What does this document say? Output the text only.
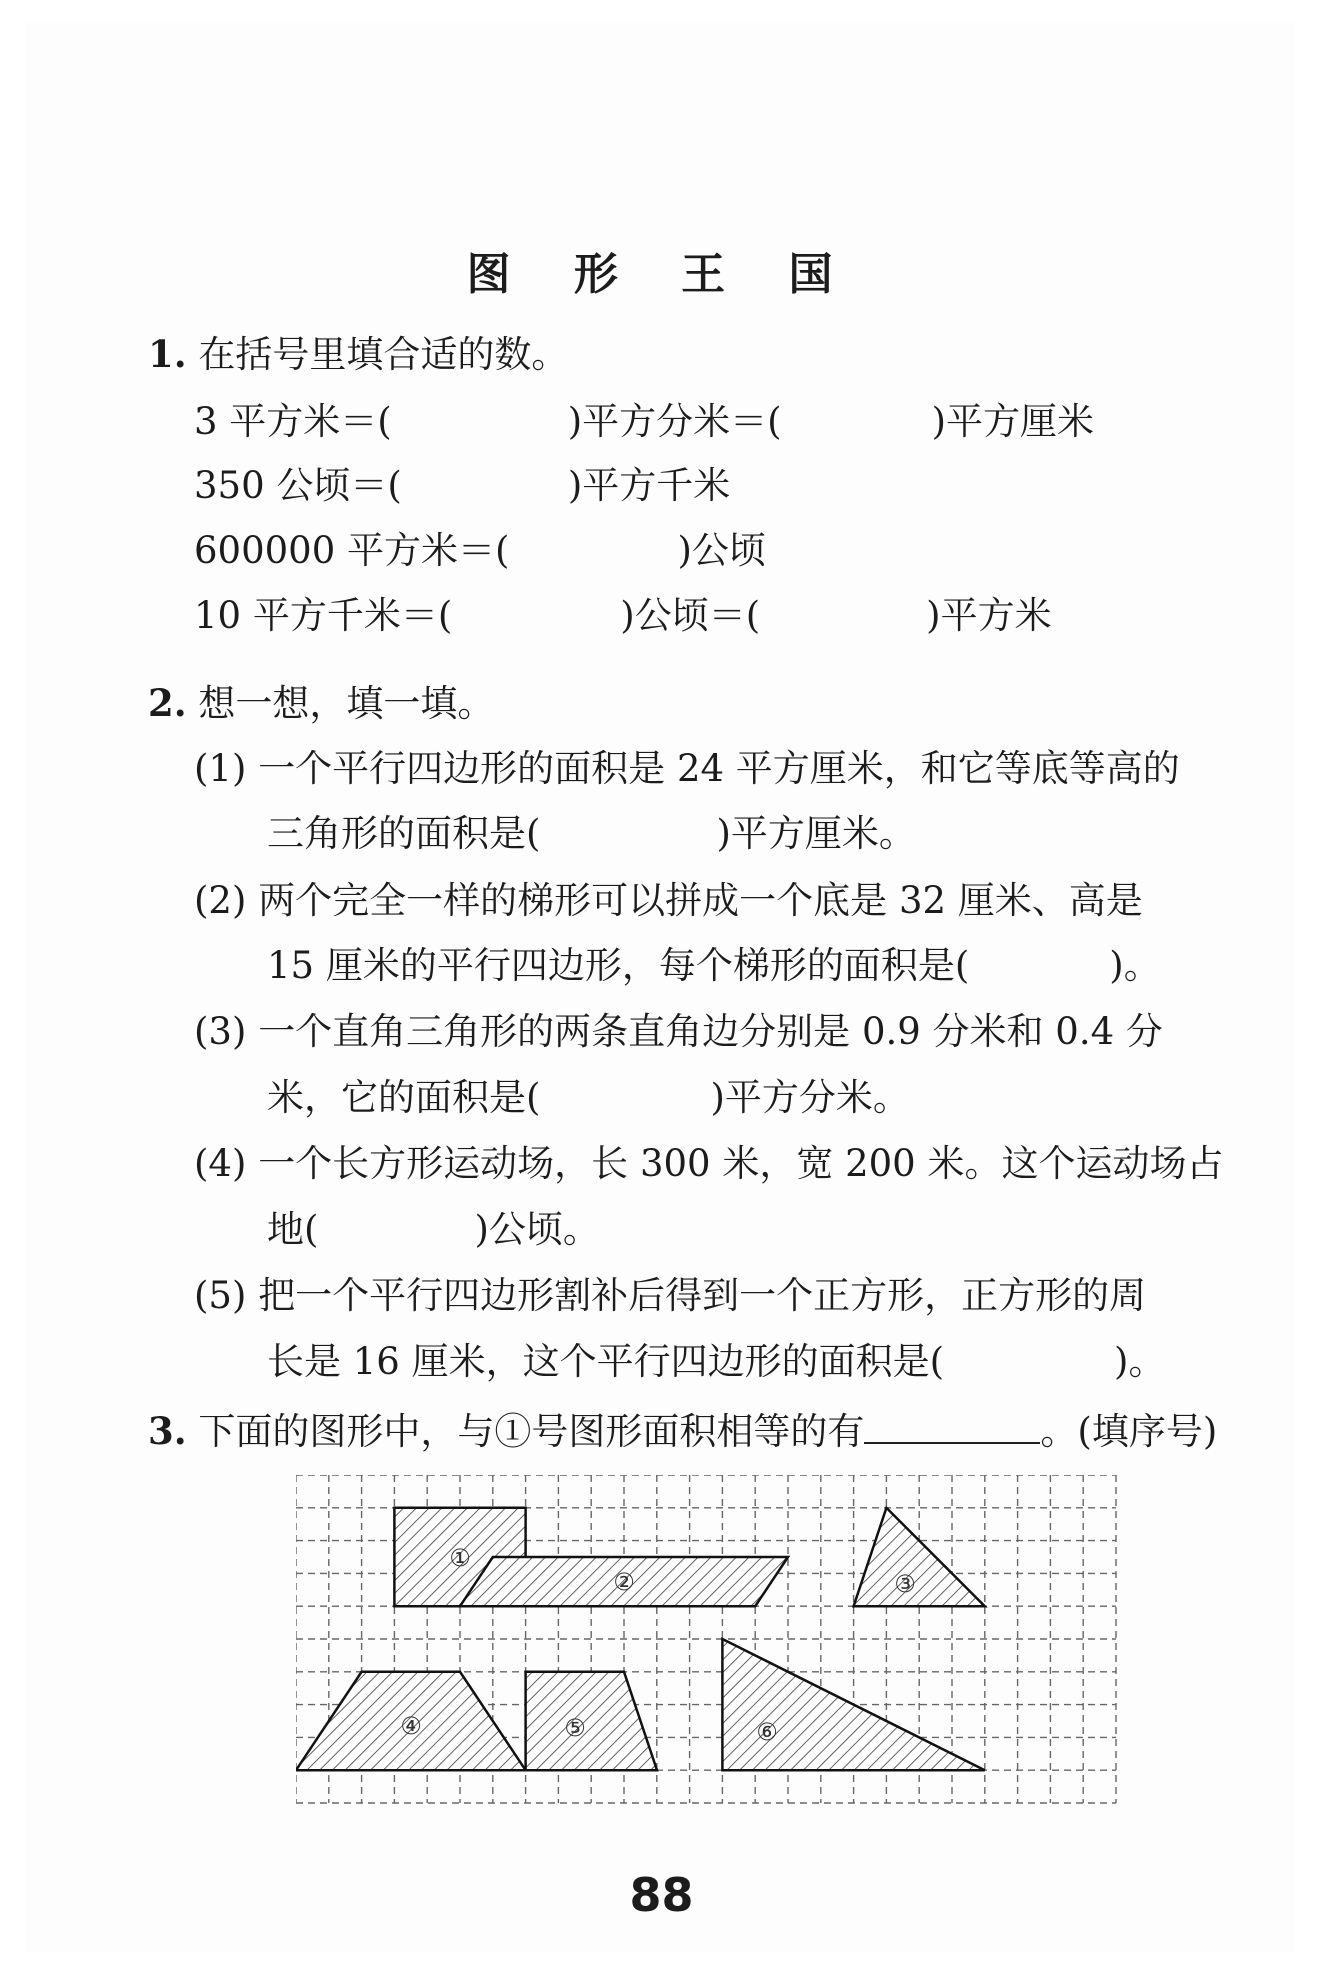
图 形 王 国
1. 在括号里填合适的数。
3 平方米＝(	)平方分米＝(	)平方厘米
350 公顷＝(	)平方千米
600000 平方米＝(	)公顷
10 平方千米＝(	)公顷＝(	)平方米
2. 想一想，填一填。
(1) 一个平行四边形的面积是 24 平方厘米，和它等底等高的
三角形的面积是(	)平方厘米。
(2) 两个完全一样的梯形可以拼成一个底是 32 厘米、高是
15 厘米的平行四边形，每个梯形的面积是(	)。
(3) 一个直角三角形的两条直角边分别是 0.9 分米和 0.4 分
米，它的面积是(	)平方分米。
(4) 一个长方形运动场，长 300 米，宽 200 米。这个运动场占
地(	)公顷。
(5) 把一个平行四边形割补后得到一个正方形，正方形的周
长是 16 厘米，这个平行四边形的面积是(	)。
3. 下面的图形中，与①号图形面积相等的有	。(填序号)
①
②	③
④	⑤	⑥
88
